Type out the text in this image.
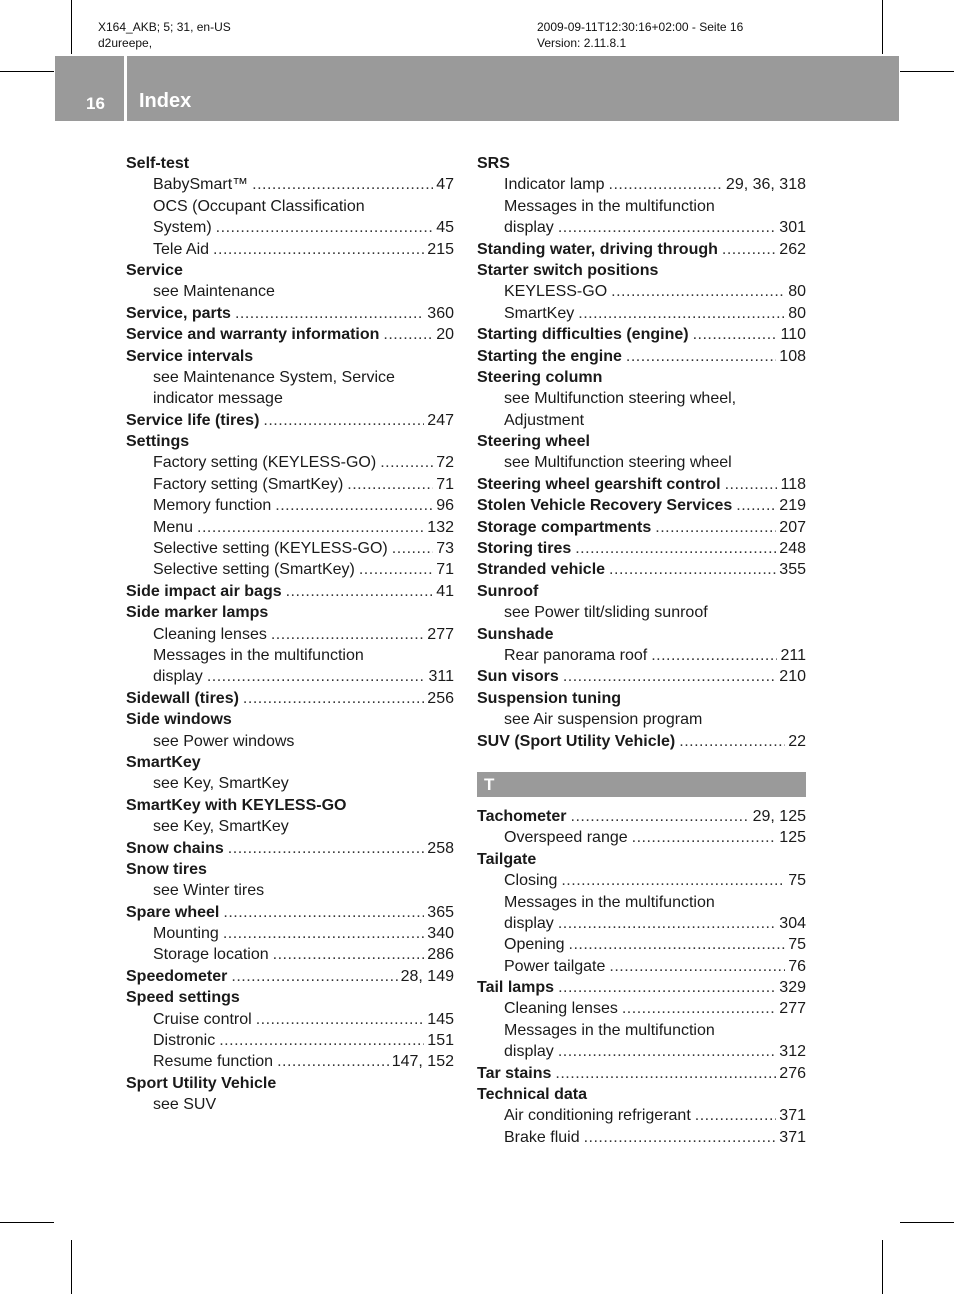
X164_AKB; 5; 31, en-US
d2ureepe,
2009-09-11T12:30:16+02:00 - Seite 16
Version: 2.11.8.1
16 Index
Self-test
BabySmart™ .....	47
OCS (Occupant Classification
System) .....	45
Tele Aid .....	215
Service
see Maintenance
Service, parts .....	360
Service and warranty information .....	20
Service intervals
see Maintenance System, Service
indicator message
Service life (tires) .....	247
Settings
Factory setting (KEYLESS-GO) .....	72
Factory setting (SmartKey) .....	71
Memory function .....	96
Menu .....	132
Selective setting (KEYLESS-GO) .....	73
Selective setting (SmartKey) .....	71
Side impact air bags .....	41
Side marker lamps
Cleaning lenses .....	277
Messages in the multifunction
display .....	311
Sidewall (tires) .....	256
Side windows
see Power windows
SmartKey
see Key, SmartKey
SmartKey with KEYLESS-GO
see Key, SmartKey
Snow chains .....	258
Snow tires
see Winter tires
Spare wheel .....	365
Mounting .....	340
Storage location .....	286
Speedometer .....	28, 149
Speed settings
Cruise control .....	145
Distronic .....	151
Resume function .....	147, 152
Sport Utility Vehicle
see SUV
SRS
Indicator lamp .....	29, 36, 318
Messages in the multifunction
display .....	301
Standing water, driving through .....	262
Starter switch positions
KEYLESS-GO .....	80
SmartKey .....	80
Starting difficulties (engine) .....	110
Starting the engine .....	108
Steering column
see Multifunction steering wheel,
Adjustment
Steering wheel
see Multifunction steering wheel
Steering wheel gearshift control .....	118
Stolen Vehicle Recovery Services .....	219
Storage compartments .....	207
Storing tires .....	248
Stranded vehicle .....	355
Sunroof
see Power tilt/sliding sunroof
Sunshade
Rear panorama roof .....	211
Sun visors .....	210
Suspension tuning
see Air suspension program
SUV (Sport Utility Vehicle) .....	22
T
Tachometer .....	29, 125
Overspeed range .....	125
Tailgate
Closing .....	75
Messages in the multifunction
display .....	304
Opening .....	75
Power tailgate .....	76
Tail lamps .....	329
Cleaning lenses .....	277
Messages in the multifunction
display .....	312
Tar stains .....	276
Technical data
Air conditioning refrigerant .....	371
Brake fluid .....	371
